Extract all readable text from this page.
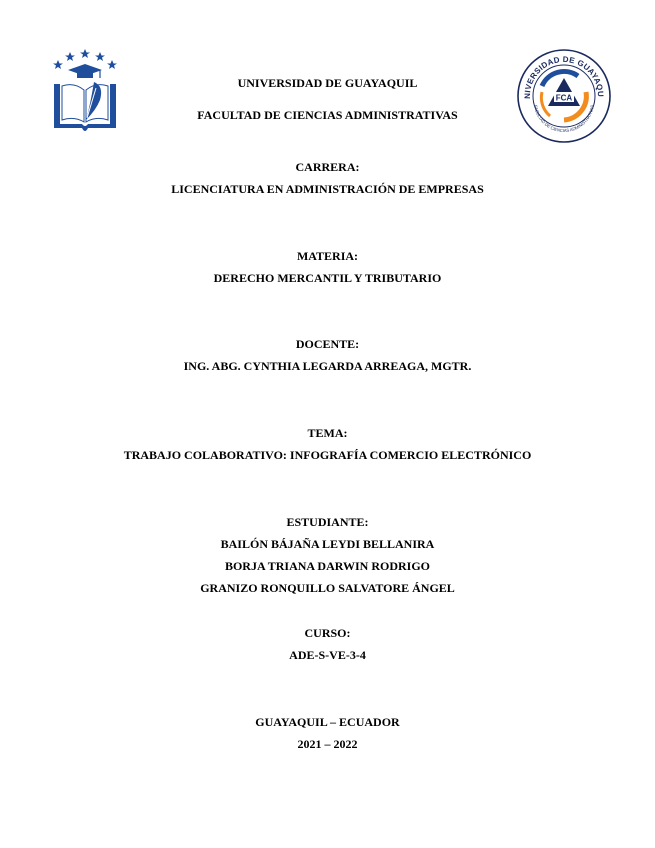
NIVERSIDAD DE GUAYAQU
FACULTAD DE CIENCIAS ADMINISTRATIVAS
FCA
UNIVERSIDAD DE GUAYAQUIL
FACULTAD DE CIENCIAS ADMINISTRATIVAS
CARRERA:
LICENCIATURA EN ADMINISTRACIÓN DE EMPRESAS
MATERIA:
DERECHO MERCANTIL Y TRIBUTARIO
DOCENTE:
ING. ABG. CYNTHIA LEGARDA ARREAGA, MGTR.
TEMA:
TRABAJO COLABORATIVO: INFOGRAFÍA COMERCIO ELECTRÓNICO
ESTUDIANTE:
BAILÓN BÁJAÑA LEYDI BELLANIRA
BORJA TRIANA DARWIN RODRIGO
GRANIZO RONQUILLO SALVATORE ÁNGEL
CURSO:
ADE-S-VE-3-4
GUAYAQUIL – ECUADOR
2021 – 2022
